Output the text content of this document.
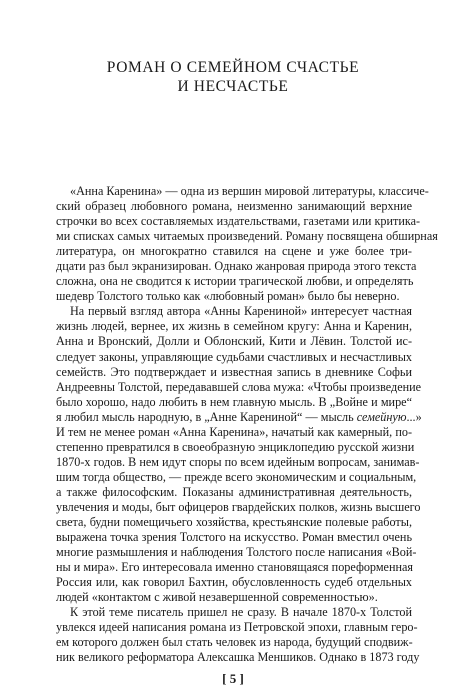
РОМАН О СЕМЕЙНОМ СЧАСТЬЕ
И НЕСЧАСТЬЕ
«Анна Каренина» — одна из вершин мировой литературы, классиче-
ский образец любовного романа, неизменно занимающий верхние
строчки во всех составляемых издательствами, газетами или критика-
ми списках самых читаемых произведений. Роману посвящена обширная
литература, он многократно ставился на сцене и уже более три-
дцати раз был экранизирован. Однако жанровая природа этого текста
сложна, она не сводится к истории трагической любви, и определять
шедевр Толстого только как «любовный роман» было бы неверно.
На первый взгляд автора «Анны Карениной» интересует частная
жизнь людей, вернее, их жизнь в семейном кругу: Анна и Каренин,
Анна и Вронский, Долли и Облонский, Кити и Лёвин. Толстой ис-
следует законы, управляющие судьбами счастливых и несчастливых
семейств. Это подтверждает и известная запись в дневнике Софьи
Андреевны Толстой, передававшей слова мужа: «Чтобы произведение
было хорошо, надо любить в нем главную мысль. В „Войне и мире“
я любил мысль народную, в „Анне Карениной“ — мысль семейную...»
И тем не менее роман «Анна Каренина», начатый как камерный, по-
степенно превратился в своеобразную энциклопедию русской жизни
1870-х годов. В нем идут споры по всем идейным вопросам, занимав-
шим тогда общество, — прежде всего экономическим и социальным,
а также философским. Показаны административная деятельность,
увлечения и моды, быт офицеров гвардейских полков, жизнь высшего
света, будни помещичьего хозяйства, крестьянские полевые работы,
выражена точка зрения Толстого на искусство. Роман вместил очень
многие размышления и наблюдения Толстого после написания «Вой-
ны и мира». Его интересовала именно становящаяся пореформенная
Россия или, как говорил Бахтин, обусловленность судеб отдельных
людей «контактом с живой незавершенной современностью».
К этой теме писатель пришел не сразу. В начале 1870-х Толстой
увлекся идеей написания романа из Петровской эпохи, главным геро-
ем которого должен был стать человек из народа, будущий сподвиж-
ник великого реформатора Алексашка Меншиков. Однако в 1873 году
[ 5 ]
